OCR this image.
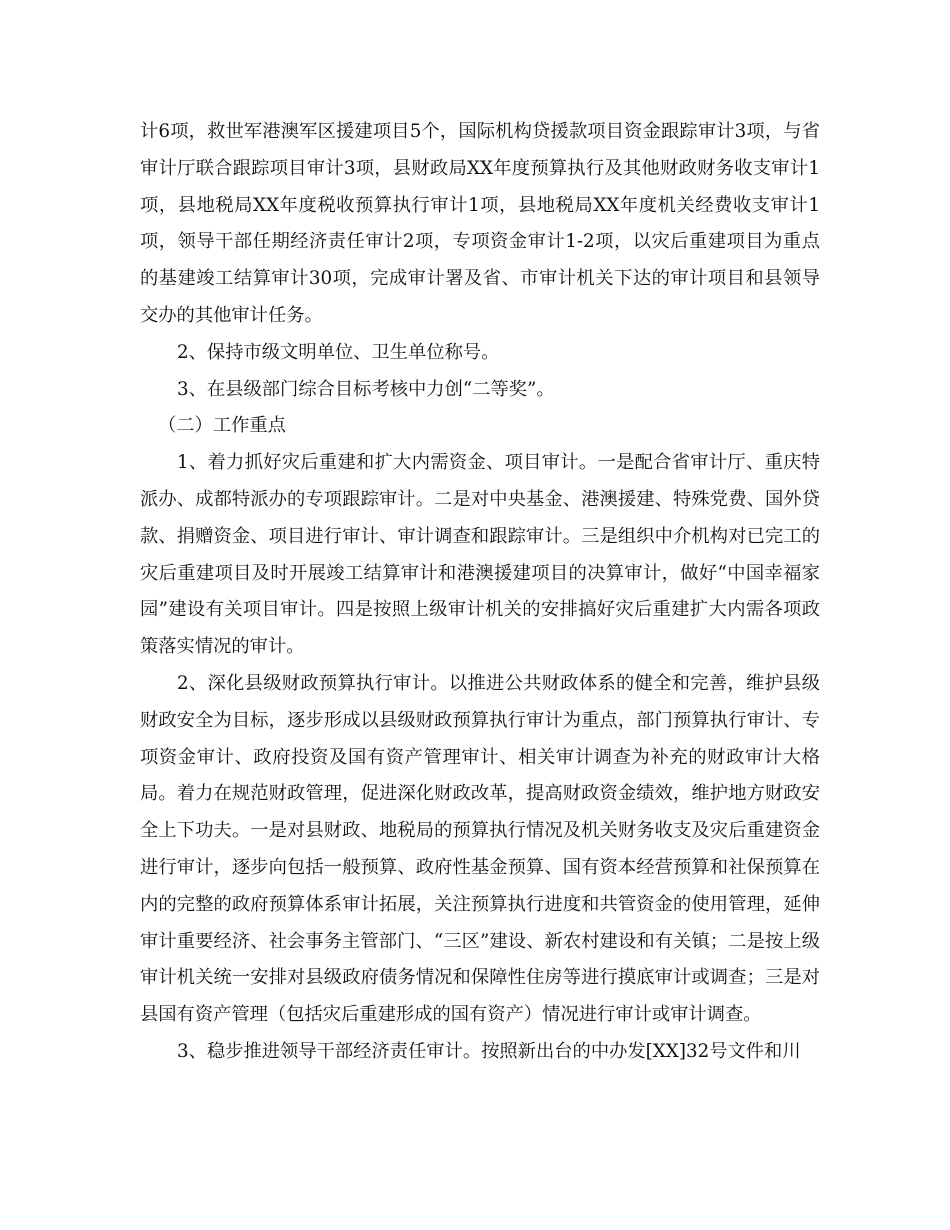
计6项，救世军港澳军区援建项目5个，国际机构贷援款项目资金跟踪审计3项，与省审计厅联合跟踪项目审计3项，县财政局XX年度预算执行及其他财政财务收支审计1项，县地税局XX年度税收预算执行审计1项，县地税局XX年度机关经费收支审计1项，领导干部任期经济责任审计2项，专项资金审计1-2项，以灾后重建项目为重点的基建竣工结算审计30项，完成审计署及省、市审计机关下达的审计项目和县领导交办的其他审计任务。

2、保持市级文明单位、卫生单位称号。

3、在县级部门综合目标考核中力创“二等奖”。

（二）工作重点

1、着力抓好灾后重建和扩大内需资金、项目审计。一是配合省审计厅、重庆特派办、成都特派办的专项跟踪审计。二是对中央基金、港澳援建、特殊党费、国外贷款、捐赠资金、项目进行审计、审计调查和跟踪审计。三是组织中介机构对已完工的灾后重建项目及时开展竣工结算审计和港澳援建项目的决算审计，做好“中国幸福家园”建设有关项目审计。四是按照上级审计机关的安排搞好灾后重建扩大内需各项政策落实情况的审计。

2、深化县级财政预算执行审计。以推进公共财政体系的健全和完善，维护县级财政安全为目标，逐步形成以县级财政预算执行审计为重点，部门预算执行审计、专项资金审计、政府投资及国有资产管理审计、相关审计调查为补充的财政审计大格局。着力在规范财政管理，促进深化财政改革，提高财政资金绩效，维护地方财政安全上下功夫。一是对县财政、地税局的预算执行情况及机关财务收支及灾后重建资金进行审计，逐步向包括一般预算、政府性基金预算、国有资本经营预算和社保预算在内的完整的政府预算体系审计拓展，关注预算执行进度和共管资金的使用管理，延伸审计重要经济、社会事务主管部门、“三区”建设、新农村建设和有关镇；二是按上级审计机关统一安排对县级政府债务情况和保障性住房等进行摸底审计或调查；三是对县国有资产管理（包括灾后重建形成的国有资产）情况进行审计或审计调查。

3、稳步推进领导干部经济责任审计。按照新出台的中办发[XX]32号文件和川
